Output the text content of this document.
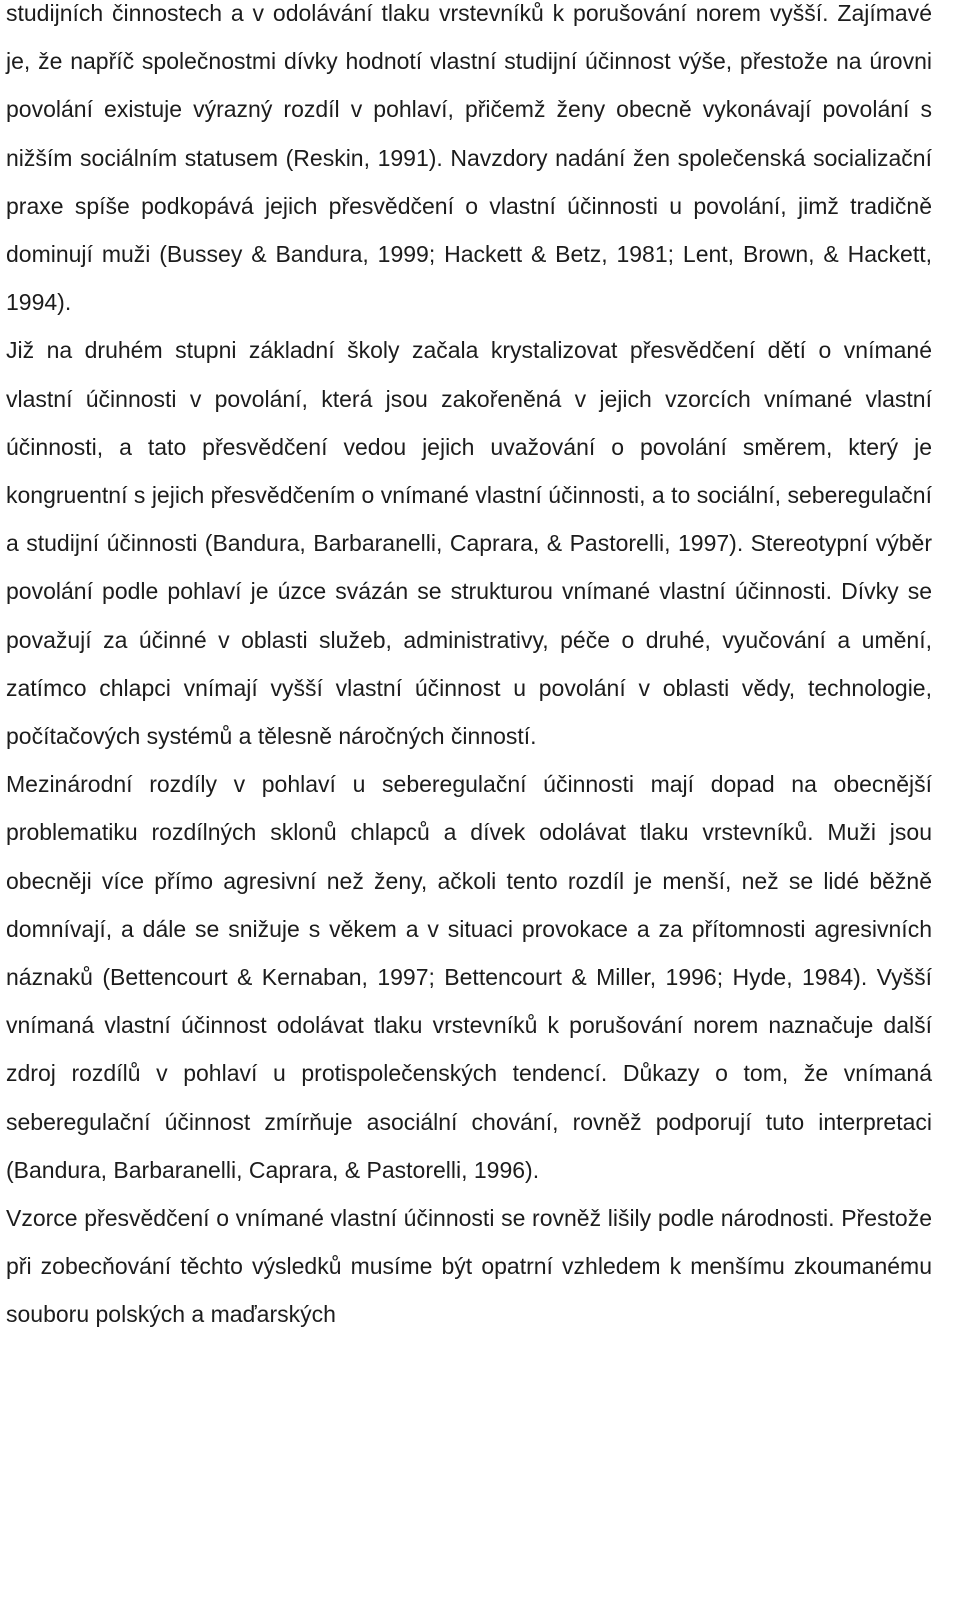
studijních činnostech a v odolávání tlaku vrstevníků k porušování norem vyšší. Zajímavé je, že napříč společnostmi dívky hodnotí vlastní studijní účinnost výše, přestože na úrovni povolání existuje výrazný rozdíl v pohlaví, přičemž ženy obecně vykonávají povolání s nižším sociálním statusem (Reskin, 1991). Navzdory nadání žen společenská socializační praxe spíše podkopává jejich přesvědčení o vlastní účinnosti u povolání, jimž tradičně dominují muži (Bussey & Bandura, 1999; Hackett & Betz, 1981; Lent, Brown, & Hackett, 1994).

Již na druhém stupni základní školy začala krystalizovat přesvědčení dětí o vnímané vlastní účinnosti v povolání, která jsou zakořeněná v jejich vzorcích vnímané vlastní účinnosti, a tato přesvědčení vedou jejich uvažování o povolání směrem, který je kongruentní s jejich přesvědčením o vnímané vlastní účinnosti, a to sociální, seberegulační a studijní účinnosti (Bandura, Barbaranelli, Caprara, & Pastorelli, 1997). Stereotypní výběr povolání podle pohlaví je úzce svázán se strukturou vnímané vlastní účinnosti. Dívky se považují za účinné v oblasti služeb, administrativy, péče o druhé, vyučování a umění, zatímco chlapci vnímají vyšší vlastní účinnost u povolání v oblasti vědy, technologie, počítačových systémů a tělesně náročných činností.

Mezinárodní rozdíly v pohlaví u seberegulační účinnosti mají dopad na obecnější problematiku rozdílných sklonů chlapců a dívek odolávat tlaku vrstevníků. Muži jsou obecněji více přímo agresivní než ženy, ačkoli tento rozdíl je menší, než se lidé běžně domnívají, a dále se snižuje s věkem a v situaci provokace a za přítomnosti agresivních náznaků (Bettencourt & Kernaban, 1997; Bettencourt & Miller, 1996; Hyde, 1984). Vyšší vnímaná vlastní účinnost odolávat tlaku vrstevníků k porušování norem naznačuje další zdroj rozdílů v pohlaví u protispolečenských tendencí. Důkazy o tom, že vnímaná seberegulační účinnost zmírňuje asociální chování, rovněž podporují tuto interpretaci (Bandura, Barbaranelli, Caprara, & Pastorelli, 1996).

Vzorce přesvědčení o vnímané vlastní účinnosti se rovněž lišily podle národnosti. Přestože při zobecňování těchto výsledků musíme být opatrní vzhledem k menšímu zkoumanému souboru polských a maďarských
